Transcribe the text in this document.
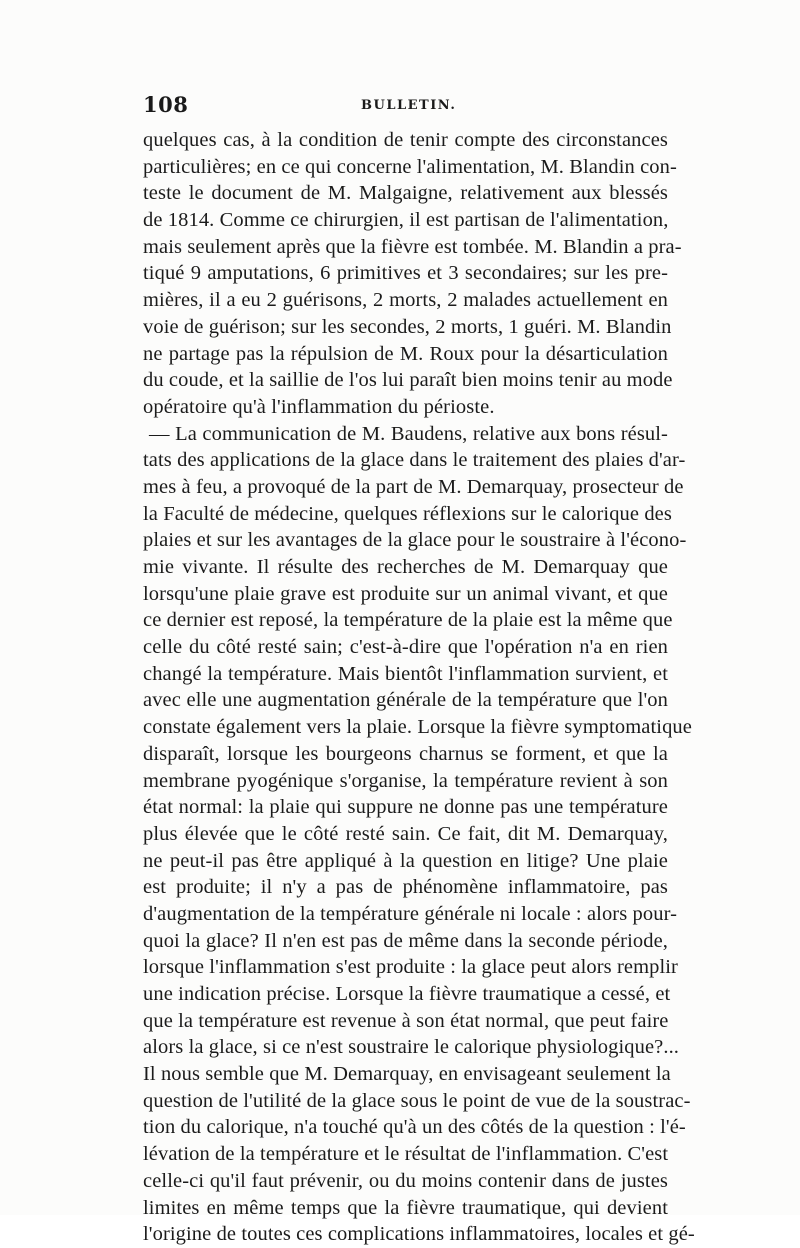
108	BULLETIN.
quelques cas, à la condition de tenir compte des circonstances
particulières; en ce qui concerne l'alimentation, M. Blandin con-
teste le document de M. Malgaigne, relativement aux blessés
de 1814. Comme ce chirurgien, il est partisan de l'alimentation,
mais seulement après que la fièvre est tombée. M. Blandin a pra-
tiqué 9 amputations, 6 primitives et 3 secondaires; sur les pre-
mières, il a eu 2 guérisons, 2 morts, 2 malades actuellement en
voie de guérison; sur les secondes, 2 morts, 1 guéri. M. Blandin
ne partage pas la répulsion de M. Roux pour la désarticulation
du coude, et la saillie de l'os lui paraît bien moins tenir au mode
opératoire qu'à l'inflammation du périoste.
— La communication de M. Baudens, relative aux bons résul-
tats des applications de la glace dans le traitement des plaies d'ar-
mes à feu, a provoqué de la part de M. Demarquay, prosecteur de
la Faculté de médecine, quelques réflexions sur le calorique des
plaies et sur les avantages de la glace pour le soustraire à l'écono-
mie vivante. Il résulte des recherches de M. Demarquay que
lorsqu'une plaie grave est produite sur un animal vivant, et que
ce dernier est reposé, la température de la plaie est la même que
celle du côté resté sain; c'est-à-dire que l'opération n'a en rien
changé la température. Mais bientôt l'inflammation survient, et
avec elle une augmentation générale de la température que l'on
constate également vers la plaie. Lorsque la fièvre symptomatique
disparaît, lorsque les bourgeons charnus se forment, et que la
membrane pyogénique s'organise, la température revient à son
état normal: la plaie qui suppure ne donne pas une température
plus élevée que le côté resté sain. Ce fait, dit M. Demarquay,
ne peut-il pas être appliqué à la question en litige? Une plaie
est produite; il n'y a pas de phénomène inflammatoire, pas
d'augmentation de la température générale ni locale : alors pour-
quoi la glace? Il n'en est pas de même dans la seconde période,
lorsque l'inflammation s'est produite : la glace peut alors remplir
une indication précise. Lorsque la fièvre traumatique a cessé, et
que la température est revenue à son état normal, que peut faire
alors la glace, si ce n'est soustraire le calorique physiologique?...
Il nous semble que M. Demarquay, en envisageant seulement la
question de l'utilité de la glace sous le point de vue de la soustrac-
tion du calorique, n'a touché qu'à un des côtés de la question : l'é-
lévation de la température et le résultat de l'inflammation. C'est
celle-ci qu'il faut prévenir, ou du moins contenir dans de justes
limites en même temps que la fièvre traumatique, qui devient
l'origine de toutes ces complications inflammatoires, locales et gé-
